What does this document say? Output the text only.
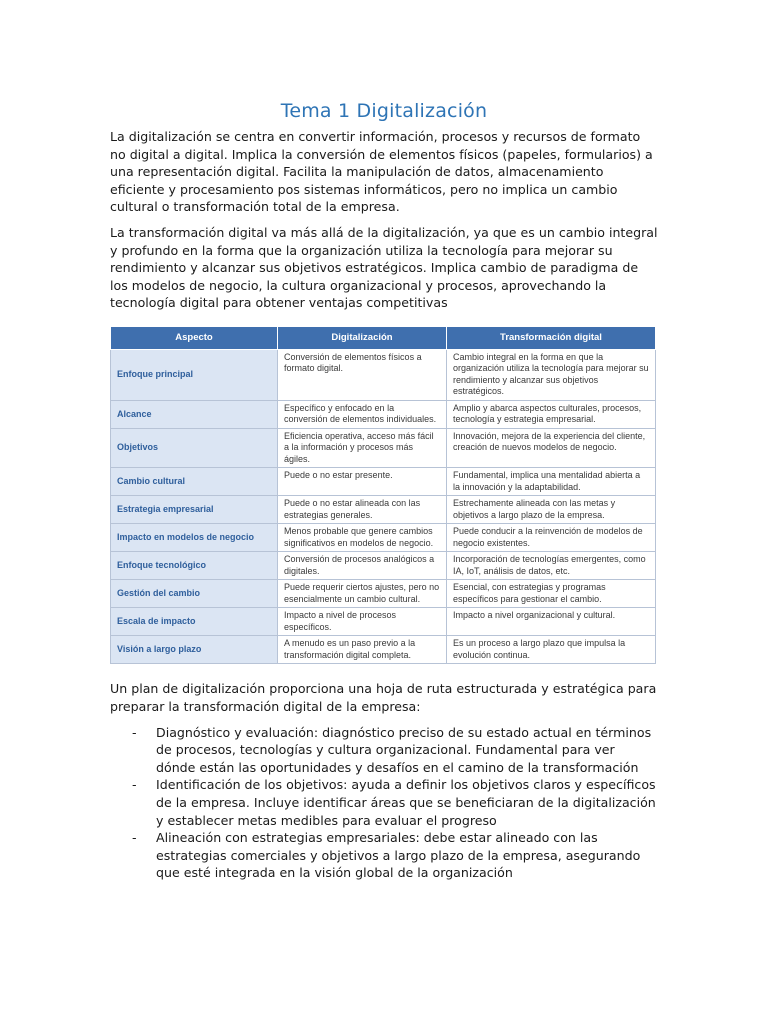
Tema 1 Digitalización

La digitalización se centra en convertir información, procesos y recursos de formato no digital a digital. Implica la conversión de elementos físicos (papeles, formularios) a una representación digital. Facilita la manipulación de datos, almacenamiento eficiente y procesamiento pos sistemas informáticos, pero no implica un cambio cultural o transformación total de la empresa.

La transformación digital va más allá de la digitalización, ya que es un cambio integral y profundo en la forma que la organización utiliza la tecnología para mejorar su rendimiento y alcanzar sus objetivos estratégicos. Implica cambio de paradigma de los modelos de negocio, la cultura organizacional y procesos, aprovechando la tecnología digital para obtener ventajas competitivas

Aspecto	Digitalización	Transformación digital
Enfoque principal	Conversión de elementos físicos a formato digital.	Cambio integral en la forma en que la organización utiliza la tecnología para mejorar su rendimiento y alcanzar sus objetivos estratégicos.
Alcance	Específico y enfocado en la conversión de elementos individuales.	Amplio y abarca aspectos culturales, procesos, tecnología y estrategia empresarial.
Objetivos	Eficiencia operativa, acceso más fácil a la información y procesos más ágiles.	Innovación, mejora de la experiencia del cliente, creación de nuevos modelos de negocio.
Cambio cultural	Puede o no estar presente.	Fundamental, implica una mentalidad abierta a la innovación y la adaptabilidad.
Estrategia empresarial	Puede o no estar alineada con las estrategias generales.	Estrechamente alineada con las metas y objetivos a largo plazo de la empresa.
Impacto en modelos de negocio	Menos probable que genere cambios significativos en modelos de negocio.	Puede conducir a la reinvención de modelos de negocio existentes.
Enfoque tecnológico	Conversión de procesos analógicos a digitales.	Incorporación de tecnologías emergentes, como IA, IoT, análisis de datos, etc.
Gestión del cambio	Puede requerir ciertos ajustes, pero no esencialmente un cambio cultural.	Esencial, con estrategias y programas específicos para gestionar el cambio.
Escala de impacto	Impacto a nivel de procesos específicos.	Impacto a nivel organizacional y cultural.
Visión a largo plazo	A menudo es un paso previo a la transformación digital completa.	Es un proceso a largo plazo que impulsa la evolución continua.

Un plan de digitalización proporciona una hoja de ruta estructurada y estratégica para preparar la transformación digital de la empresa:

- Diagnóstico y evaluación: diagnóstico preciso de su estado actual en términos de procesos, tecnologías y cultura organizacional. Fundamental para ver dónde están las oportunidades y desafíos en el camino de la transformación
- Identificación de los objetivos: ayuda a definir los objetivos claros y específicos de la empresa. Incluye identificar áreas que se beneficiaran de la digitalización y establecer metas medibles para evaluar el progreso
- Alineación con estrategias empresariales: debe estar alineado con las estrategias comerciales y objetivos a largo plazo de la empresa, asegurando que esté integrada en la visión global de la organización
